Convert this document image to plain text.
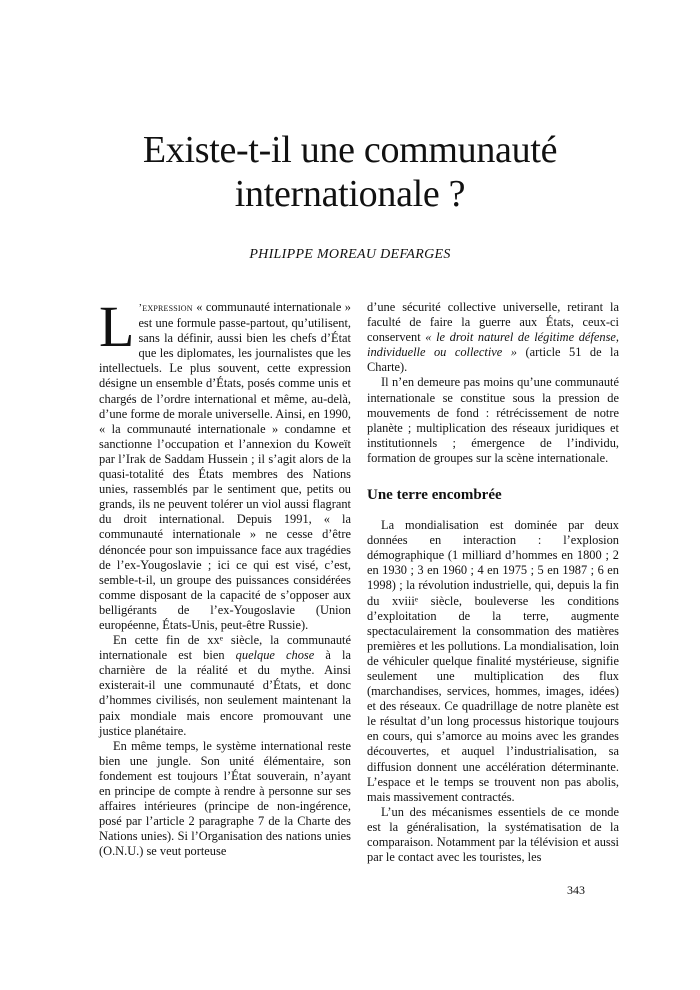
Existe-t-il une communauté
internationale ?

PHILIPPE MOREAU DEFARGES

L ’expression « communauté internationale » est une formule passe-partout, qu’utilisent, sans la définir, aussi bien les chefs d’État que les diplomates, les journalistes que les intellectuels. Le plus souvent, cette expression désigne un ensemble d’États, posés comme unis et chargés de l’ordre international et même, au-delà, d’une forme de morale universelle. Ainsi, en 1990, « la communauté internationale » condamne et sanctionne l’occupation et l’annexion du Koweït par l’Irak de Saddam Hussein ; il s’agit alors de la quasi-totalité des États membres des Nations unies, rassemblés par le sentiment que, petits ou grands, ils ne peuvent tolérer un viol aussi flagrant du droit international. Depuis 1991, « la communauté internationale » ne cesse d’être dénoncée pour son impuissance face aux tragédies de l’ex-Yougoslavie ; ici ce qui est visé, c’est, semble-t-il, un groupe des puissances considérées comme disposant de la capacité de s’opposer aux belligérants de l’ex-Yougoslavie (Union européenne, États-Unis, peut-être Russie).

En cette fin de xxᵉ siècle, la communauté internationale est bien quelque chose à la charnière de la réalité et du mythe. Ainsi existerait-il une communauté d’États, et donc d’hommes civilisés, non seulement maintenant la paix mondiale mais encore promouvant une justice planétaire.

En même temps, le système international reste bien une jungle. Son unité élémentaire, son fondement est toujours l’État souverain, n’ayant en principe de compte à rendre à personne sur ses affaires intérieures (principe de non-ingérence, posé par l’article 2 paragraphe 7 de la Charte des Nations unies). Si l’Organisation des nations unies (O.N.U.) se veut porteuse

d’une sécurité collective universelle, retirant la faculté de faire la guerre aux États, ceux-ci conservent « le droit naturel de légitime défense, individuelle ou collective » (article 51 de la Charte).

Il n’en demeure pas moins qu’une communauté internationale se constitue sous la pression de mouvements de fond : rétrécissement de notre planète ; multiplication des réseaux juridiques et institutionnels ; émergence de l’individu, formation de groupes sur la scène internationale.

Une terre encombrée

La mondialisation est dominée par deux données en interaction : l’explosion démographique (1 milliard d’hommes en 1800 ; 2 en 1930 ; 3 en 1960 ; 4 en 1975 ; 5 en 1987 ; 6 en 1998) ; la révolution industrielle, qui, depuis la fin du xviiiᵉ siècle, bouleverse les conditions d’exploitation de la terre, augmente spectaculairement la consommation des matières premières et les pollutions. La mondialisation, loin de véhiculer quelque finalité mystérieuse, signifie seulement une multiplication des flux (marchandises, services, hommes, images, idées) et des réseaux. Ce quadrillage de notre planète est le résultat d’un long processus historique toujours en cours, qui s’amorce au moins avec les grandes découvertes, et auquel l’industrialisation, sa diffusion donnent une accélération déterminante. L’espace et le temps se trouvent non pas abolis, mais massivement contractés.

L’un des mécanismes essentiels de ce monde est la généralisation, la systématisation de la comparaison. Notamment par la télévision et aussi par le contact avec les touristes, les

343
